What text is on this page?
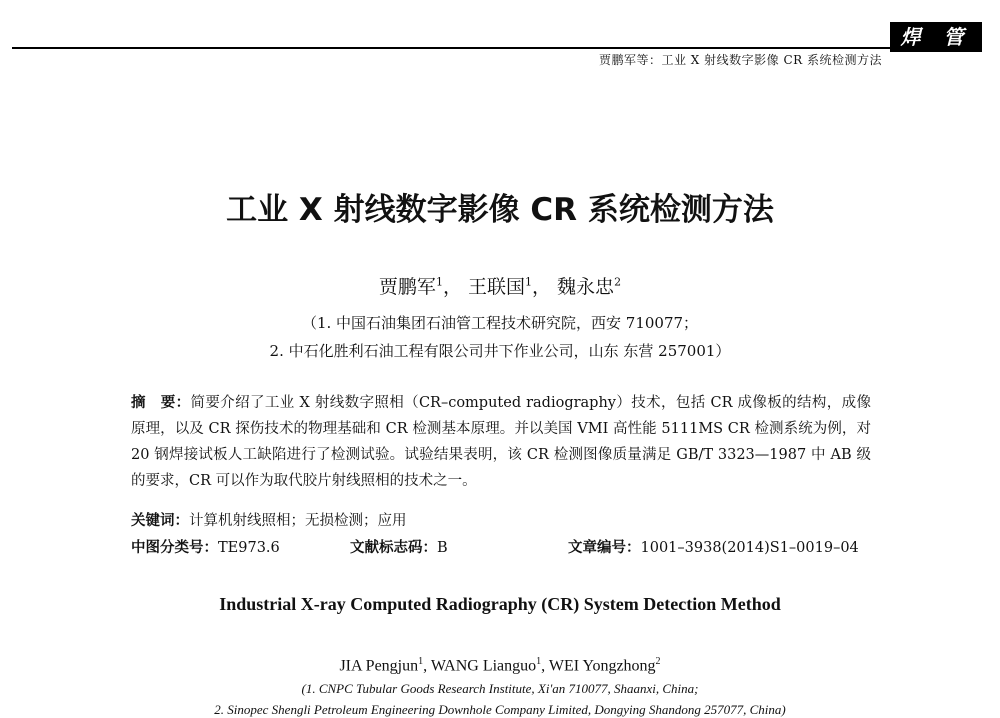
焊 管
贾鹏军等：工业 X 射线数字影像 CR 系统检测方法
工业 X 射线数字影像 CR 系统检测方法
贾鹏军$^1$， 王联国$^1$， 魏永忠$^2$
（1. 中国石油集团石油管工程技术研究院，西安 710077；
2. 中石化胜利石油工程有限公司井下作业公司，山东 东营 257001）
摘　要：简要介绍了工业 X 射线数字照相（CR–computed radiography）技术，包括 CR 成像板的结构，成像原理，以及 CR 探伤技术的物理基础和 CR 检测基本原理。并以美国 VMI 高性能 5111MS CR 检测系统为例，对 20 钢焊接试板人工缺陷进行了检测试验。试验结果表明，该 CR 检测图像质量满足 GB/T 3323—1987 中 AB 级的要求，CR 可以作为取代胶片射线照相的技术之一。
关键词：计算机射线照相；无损检测；应用
中图分类号：TE973.6	文献标志码：B	文章编号：1001–3938(2014)S1–0019–04
Industrial X-ray Computed Radiography (CR) System Detection Method
JIA Pengjun$^1$, WANG Lianguo$^1$, WEI Yongzhong$^2$
(1. CNPC Tubular Goods Research Institute, Xi'an 710077, Shaanxi, China;
2. Sinopec Shengli Petroleum Engineering Downhole Company Limited, Dongying Shandong 257077, China)
